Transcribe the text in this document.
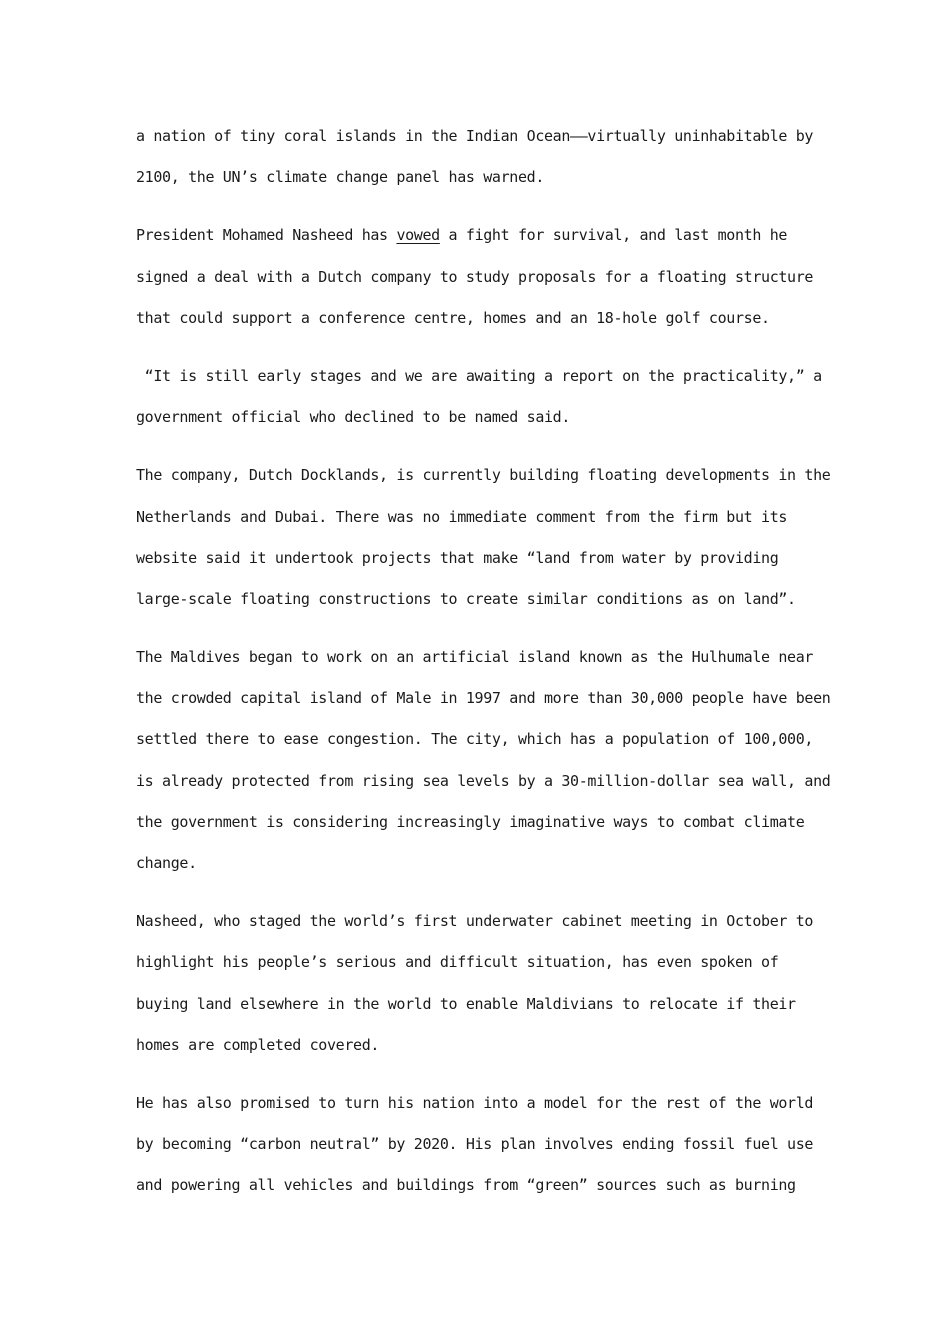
a nation of tiny coral islands in the Indian Ocean——virtually uninhabitable by
2100, the UN’s climate change panel has warned.
President Mohamed Nasheed has vowed a fight for survival, and last month he
signed a deal with a Dutch company to study proposals for a floating structure
that could support a conference centre, homes and an 18-hole golf course.
“It is still early stages and we are awaiting a report on the practicality,” a
government official who declined to be named said.
The company, Dutch Docklands, is currently building floating developments in the
Netherlands and Dubai. There was no immediate comment from the firm but its
website said it undertook projects that make “land from water by providing
large-scale floating constructions to create similar conditions as on land”.
The Maldives began to work on an artificial island known as the Hulhumale near
the crowded capital island of Male in 1997 and more than 30,000 people have been
settled there to ease congestion. The city, which has a population of 100,000,
is already protected from rising sea levels by a 30-million-dollar sea wall, and
the government is considering increasingly imaginative ways to combat climate
change.
Nasheed, who staged the world’s first underwater cabinet meeting in October to
highlight his people’s serious and difficult situation, has even spoken of
buying land elsewhere in the world to enable Maldivians to relocate if their
homes are completed covered.
He has also promised to turn his nation into a model for the rest of the world
by becoming “carbon neutral” by 2020. His plan involves ending fossil fuel use
and powering all vehicles and buildings from “green” sources such as burning
